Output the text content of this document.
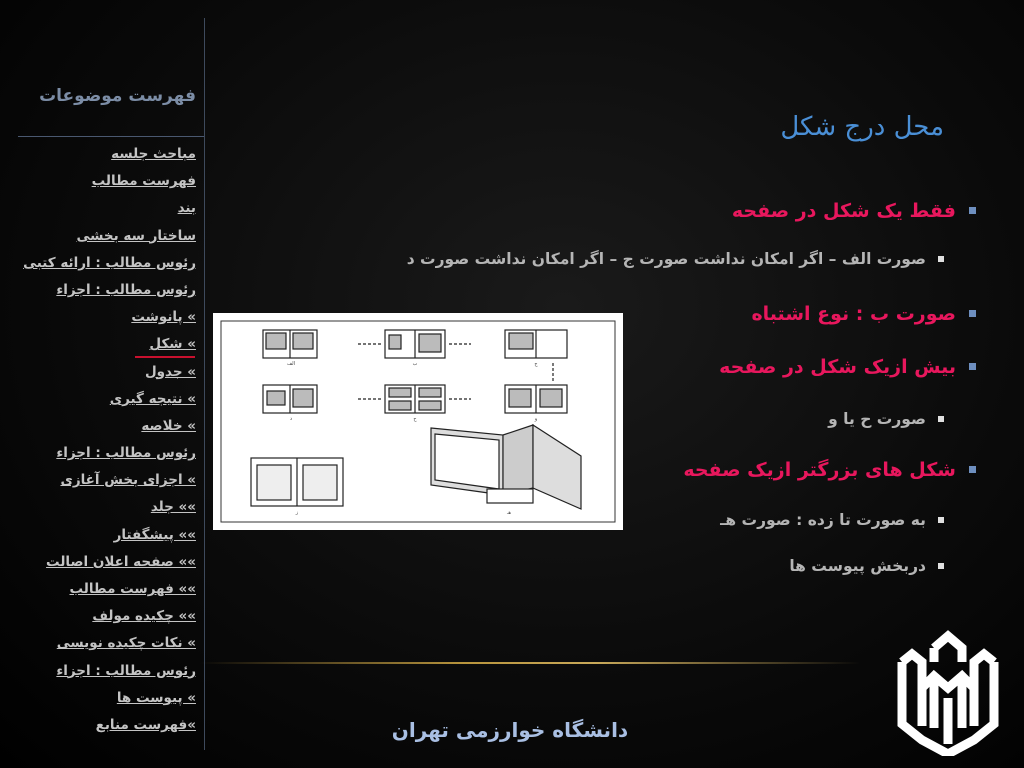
فهرست موضوعات
مباحث جلسه
فهرست مطالب
بند
ساختار سه بخشی
رئوس مطالب : ارائه کتبی
رئوس مطالب : اجزاء
» پانوشت
» شکل
» جدول
» نتیجه گیری
» خلاصه
رئوس مطالب : اجزاء
» اجزای بخش آغازی
»» جلد
»» پیشگفتار
»» صفحه اعلان اصالت
»» فهرست مطالب
»» چکیده مولف
» نکات چکیده نویسی
رئوس مطالب : اجزاء
» پیوست ها
»فهرست منابع
محل درج شکل
فقط یک شکل در صفحه
صورت الف – اگر امکان نداشت صورت ج – اگر امکان نداشت صورت د
صورت ب : نوع اشتباه
بیش ازیک شکل در صفحه
صورت ح یا و
شکل های بزرگتر ازیک صفحه
به صورت تا زده : صورت هـ
دربخش پیوست ها
الف	ب	ج
د	ح	و
ز	هـ
دانشگاه خوارزمی تهران
